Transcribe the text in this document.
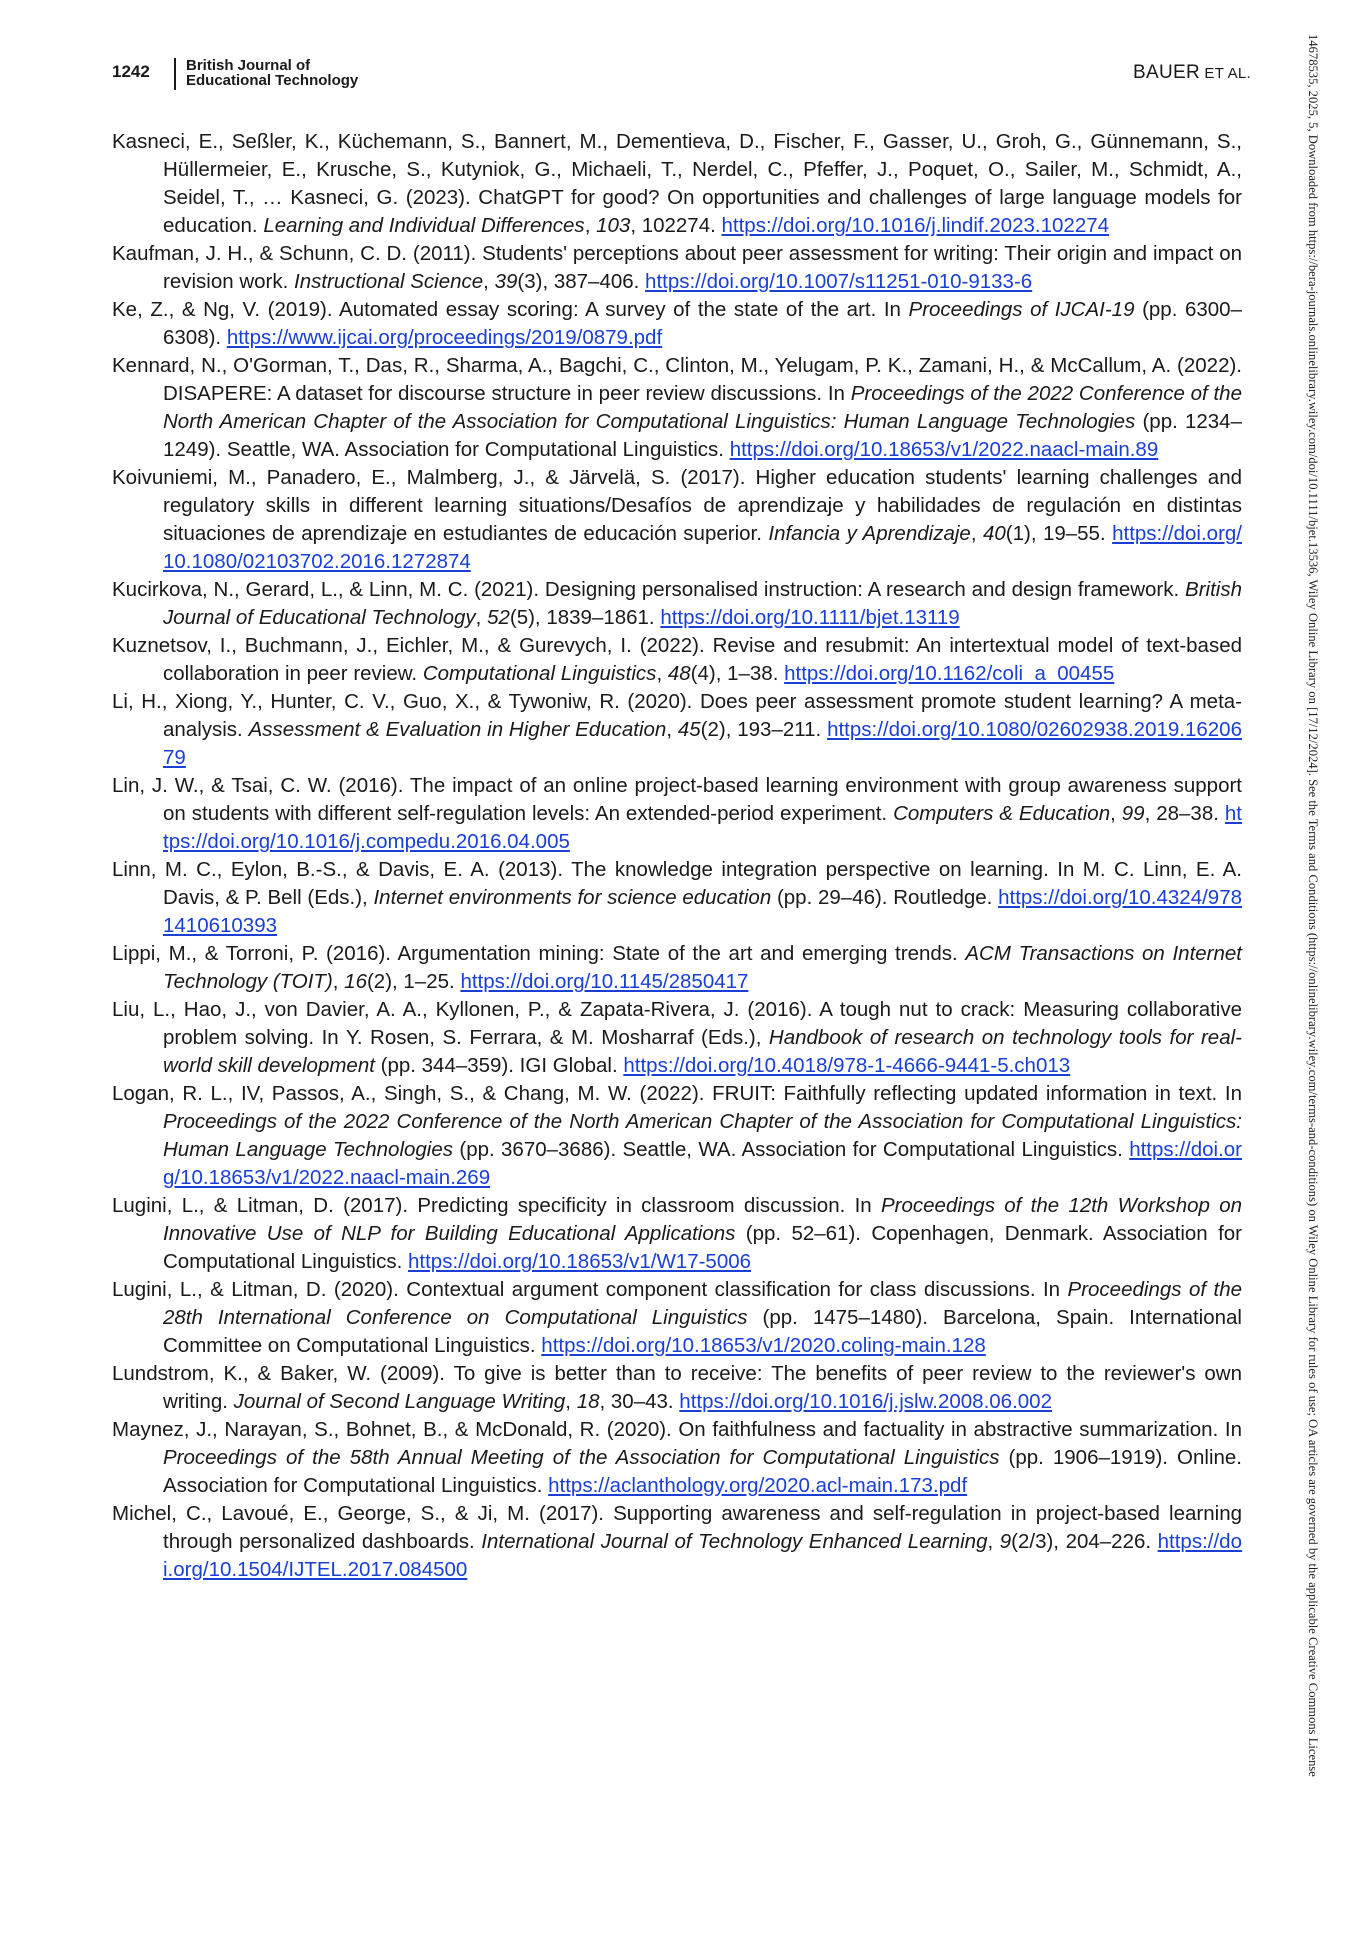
1242 British Journal of
Educational Technology	BAUER ET AL.

Kasneci, E., Seßler, K., Küchemann, S., Bannert, M., Dementieva, D., Fischer, F., Gasser, U., Groh, G., Günnemann, S., Hüllermeier, E., Krusche, S., Kutyniok, G., Michaeli, T., Nerdel, C., Pfeffer, J., Poquet, O., Sailer, M., Schmidt, A., Seidel, T., … Kasneci, G. (2023). ChatGPT for good? On opportunities and challenges of large language models for education. Learning and Individual Differences, 103, 102274. https://doi.org/10.1016/j.lindif.2023.102274

Kaufman, J. H., & Schunn, C. D. (2011). Students' perceptions about peer assessment for writing: Their origin and impact on revision work. Instructional Science, 39(3), 387–406. https://doi.org/10.1007/s11251-010-9133-6

Ke, Z., & Ng, V. (2019). Automated essay scoring: A survey of the state of the art. In Proceedings of IJCAI-19 (pp. 6300–6308). https://www.ijcai.org/proceedings/2019/0879.pdf

Kennard, N., O'Gorman, T., Das, R., Sharma, A., Bagchi, C., Clinton, M., Yelugam, P. K., Zamani, H., & McCallum, A. (2022). DISAPERE: A dataset for discourse structure in peer review discussions. In Proceedings of the 2022 Conference of the North American Chapter of the Association for Computational Linguistics: Human Language Technologies (pp. 1234–1249). Seattle, WA. Association for Computational Linguistics. https://doi.org/10.18653/v1/2022.naacl-main.89

Koivuniemi, M., Panadero, E., Malmberg, J., & Järvelä, S. (2017). Higher education students' learning challenges and regulatory skills in different learning situations/Desafíos de aprendizaje y habilidades de regulación en distintas situaciones de aprendizaje en estudiantes de educación superior. Infancia y Aprendizaje, 40(1), 19–55. https://doi.org/10.1080/02103702.2016.1272874

Kucirkova, N., Gerard, L., & Linn, M. C. (2021). Designing personalised instruction: A research and design framework. British Journal of Educational Technology, 52(5), 1839–1861. https://doi.org/10.1111/bjet.13119

Kuznetsov, I., Buchmann, J., Eichler, M., & Gurevych, I. (2022). Revise and resubmit: An intertextual model of text-based collaboration in peer review. Computational Linguistics, 48(4), 1–38. https://doi.org/10.1162/coli_a_00455

Li, H., Xiong, Y., Hunter, C. V., Guo, X., & Tywoniw, R. (2020). Does peer assessment promote student learning? A meta-analysis. Assessment & Evaluation in Higher Education, 45(2), 193–211. https://doi.org/10.1080/02602938.2019.1620679

Lin, J. W., & Tsai, C. W. (2016). The impact of an online project-based learning environment with group awareness support on students with different self-regulation levels: An extended-period experiment. Computers & Education, 99, 28–38. https://doi.org/10.1016/j.compedu.2016.04.005

Linn, M. C., Eylon, B.-S., & Davis, E. A. (2013). The knowledge integration perspective on learning. In M. C. Linn, E. A. Davis, & P. Bell (Eds.), Internet environments for science education (pp. 29–46). Routledge. https://doi.org/10.4324/9781410610393

Lippi, M., & Torroni, P. (2016). Argumentation mining: State of the art and emerging trends. ACM Transactions on Internet Technology (TOIT), 16(2), 1–25. https://doi.org/10.1145/2850417

Liu, L., Hao, J., von Davier, A. A., Kyllonen, P., & Zapata-Rivera, J. (2016). A tough nut to crack: Measuring collaborative problem solving. In Y. Rosen, S. Ferrara, & M. Mosharraf (Eds.), Handbook of research on technology tools for real-world skill development (pp. 344–359). IGI Global. https://doi.org/10.4018/978-1-4666-9441-5.ch013

Logan, R. L., IV, Passos, A., Singh, S., & Chang, M. W. (2022). FRUIT: Faithfully reflecting updated information in text. In Proceedings of the 2022 Conference of the North American Chapter of the Association for Computational Linguistics: Human Language Technologies (pp. 3670–3686). Seattle, WA. Association for Computational Linguistics. https://doi.org/10.18653/v1/2022.naacl-main.269

Lugini, L., & Litman, D. (2017). Predicting specificity in classroom discussion. In Proceedings of the 12th Workshop on Innovative Use of NLP for Building Educational Applications (pp. 52–61). Copenhagen, Denmark. Association for Computational Linguistics. https://doi.org/10.18653/v1/W17-5006

Lugini, L., & Litman, D. (2020). Contextual argument component classification for class discussions. In Proceedings of the 28th International Conference on Computational Linguistics (pp. 1475–1480). Barcelona, Spain. International Committee on Computational Linguistics. https://doi.org/10.18653/v1/2020.coling-main.128

Lundstrom, K., & Baker, W. (2009). To give is better than to receive: The benefits of peer review to the reviewer's own writing. Journal of Second Language Writing, 18, 30–43. https://doi.org/10.1016/j.jslw.2008.06.002

Maynez, J., Narayan, S., Bohnet, B., & McDonald, R. (2020). On faithfulness and factuality in abstractive summarization. In Proceedings of the 58th Annual Meeting of the Association for Computational Linguistics (pp. 1906–1919). Online. Association for Computational Linguistics. https://aclanthology.org/2020.acl-main.173.pdf

Michel, C., Lavoué, E., George, S., & Ji, M. (2017). Supporting awareness and self-regulation in project-based learning through personalized dashboards. International Journal of Technology Enhanced Learning, 9(2/3), 204–226. https://doi.org/10.1504/IJTEL.2017.084500	14678535, 2025, 5, Downloaded from https://bera-journals.onlinelibrary.wiley.com/doi/10.1111/bjet.13536, Wiley Online Library on [17/12/2024]. See the Terms and Conditions (https://onlinelibrary.wiley.com/terms-and-conditions) on Wiley Online Library for rules of use; OA articles are governed by the applicable Creative Commons License
